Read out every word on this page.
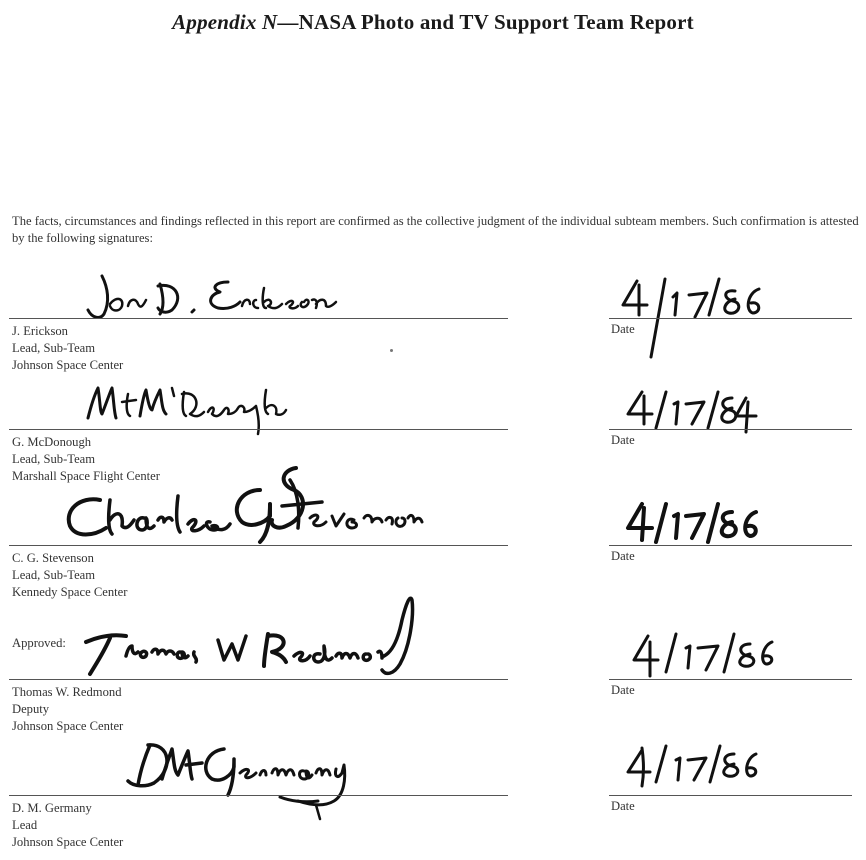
Appendix N—NASA Photo and TV Support Team Report

The facts, circumstances and findings reflected in this report are confirmed as the collective judgment of the individual subteam members. Such confirmation is attested by the following signatures:

J. Erickson
Lead, Sub-Team
Johnson Space Center
Date
G. McDonough
Lead, Sub-Team
Marshall Space Flight Center
Date
C. G. Stevenson
Lead, Sub-Team
Kennedy Space Center
Date
Approved:
Thomas W. Redmond
Deputy
Johnson Space Center
Date
D. M. Germany
Lead
Johnson Space Center
Date
